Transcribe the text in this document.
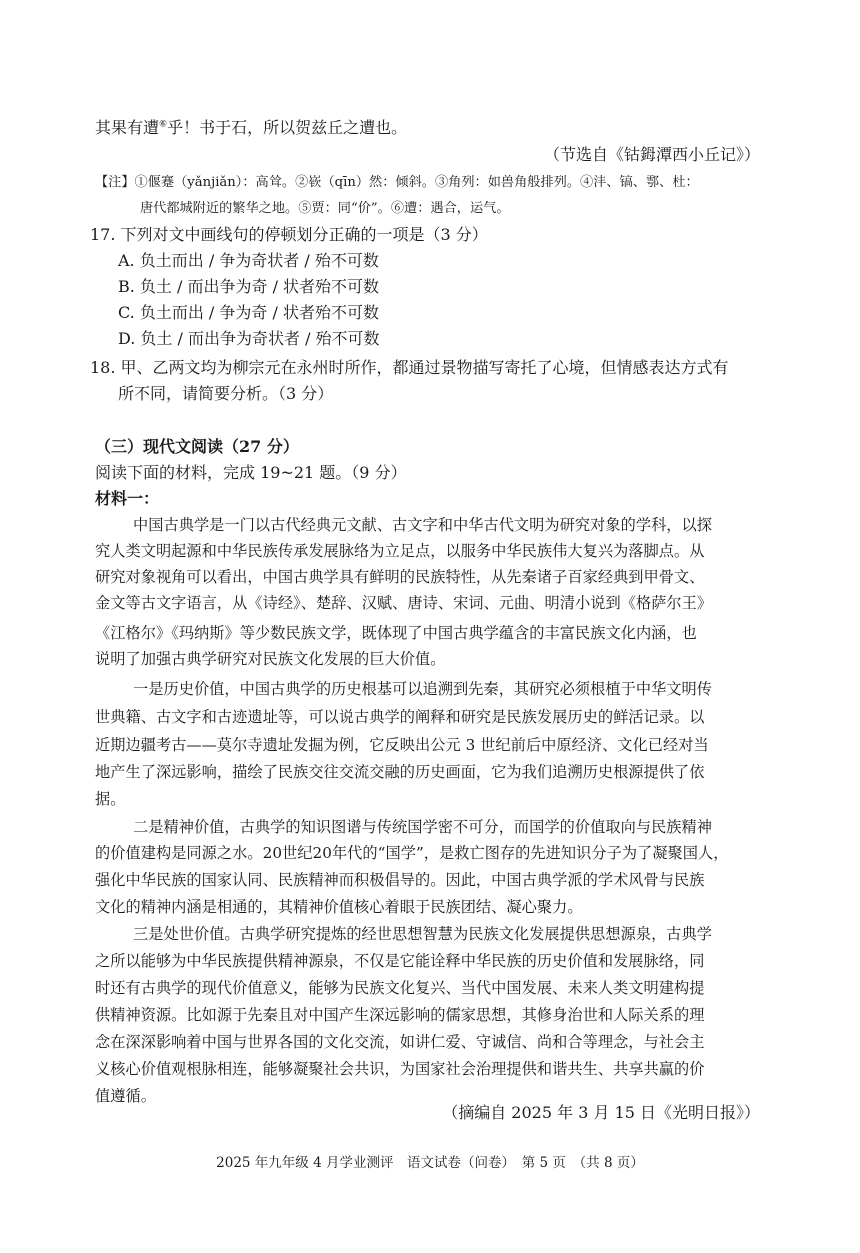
其果有遭⑥乎！书于石，所以贺兹丘之遭也。
（节选自《钴鉧潭西小丘记》）
【注】①偃蹇（yǎnjiǎn）：高耸。②嵚（qīn）然：倾斜。③角列：如兽角般排列。④沣、镐、鄠、杜：
唐代都城附近的繁华之地。⑤贾：同“价”。⑥遭：遇合，运气。
17. 下列对文中画线句的停顿划分正确的一项是（3 分）
A. 负土而出 / 争为奇状者 / 殆不可数
B. 负土 / 而出争为奇 / 状者殆不可数
C. 负土而出 / 争为奇 / 状者殆不可数
D. 负土 / 而出争为奇状者 / 殆不可数
18. 甲、乙两文均为柳宗元在永州时所作，都通过景物描写寄托了心境，但情感表达方式有
所不同，请简要分析。（3 分）
（三）现代文阅读（27 分）
阅读下面的材料，完成 19~21 题。（9 分）
材料一：
中国古典学是一门以古代经典元文献、古文字和中华古代文明为研究对象的学科，以探
究人类文明起源和中华民族传承发展脉络为立足点，以服务中华民族伟大复兴为落脚点。从
研究对象视角可以看出，中国古典学具有鲜明的民族特性，从先秦诸子百家经典到甲骨文、
金文等古文字语言，从《诗经》、楚辞、汉赋、唐诗、宋词、元曲、明清小说到《格萨尔王》
《江格尔》《玛纳斯》等少数民族文学，既体现了中国古典学蕴含的丰富民族文化内涵，也
说明了加强古典学研究对民族文化发展的巨大价值。
一是历史价值，中国古典学的历史根基可以追溯到先秦，其研究必须根植于中华文明传
世典籍、古文字和古迹遗址等，可以说古典学的阐释和研究是民族发展历史的鲜活记录。以
近期边疆考古——莫尔寺遗址发掘为例，它反映出公元 3 世纪前后中原经济、文化已经对当
地产生了深远影响，描绘了民族交往交流交融的历史画面，它为我们追溯历史根源提供了依
据。
二是精神价值，古典学的知识图谱与传统国学密不可分，而国学的价值取向与民族精神
的价值建构是同源之水。20世纪20年代的“国学”，是救亡图存的先进知识分子为了凝聚国人，
强化中华民族的国家认同、民族精神而积极倡导的。因此，中国古典学派的学术风骨与民族
文化的精神内涵是相通的，其精神价值核心着眼于民族团结、凝心聚力。
三是处世价值。古典学研究提炼的经世思想智慧为民族文化发展提供思想源泉，古典学
之所以能够为中华民族提供精神源泉，不仅是它能诠释中华民族的历史价值和发展脉络，同
时还有古典学的现代价值意义，能够为民族文化复兴、当代中国发展、未来人类文明建构提
供精神资源。比如源于先秦且对中国产生深远影响的儒家思想，其修身治世和人际关系的理
念在深深影响着中国与世界各国的文化交流，如讲仁爱、守诚信、尚和合等理念，与社会主
义核心价值观根脉相连，能够凝聚社会共识，为国家社会治理提供和谐共生、共享共赢的价
值遵循。
（摘编自 2025 年 3 月 15 日《光明日报》）
2025 年九年级 4 月学业测评　语文试卷（问卷）　第 5 页　（共 8 页）
